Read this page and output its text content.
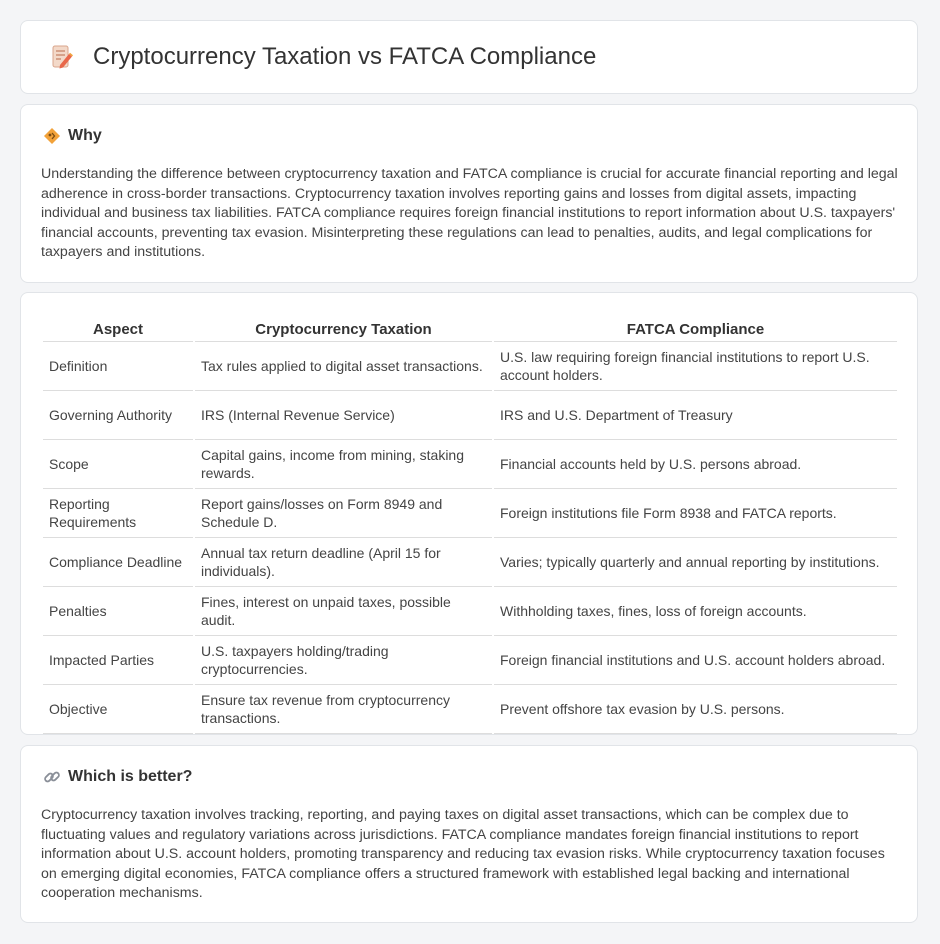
Cryptocurrency Taxation vs FATCA Compliance
Why

Understanding the difference between cryptocurrency taxation and FATCA compliance is crucial for accurate financial reporting and legal adherence in cross-border transactions. Cryptocurrency taxation involves reporting gains and losses from digital assets, impacting individual and business tax liabilities. FATCA compliance requires foreign financial institutions to report information about U.S. taxpayers' financial accounts, preventing tax evasion. Misinterpreting these regulations can lead to penalties, audits, and legal complications for taxpayers and institutions.

Aspect	Cryptocurrency Taxation	FATCA Compliance
Definition	Tax rules applied to digital asset transactions.	U.S. law requiring foreign financial institutions to report U.S. account holders.
Governing Authority	IRS (Internal Revenue Service)	IRS and U.S. Department of Treasury
Scope	Capital gains, income from mining, staking rewards.	Financial accounts held by U.S. persons abroad.
Reporting Requirements	Report gains/losses on Form 8949 and Schedule D.	Foreign institutions file Form 8938 and FATCA reports.
Compliance Deadline	Annual tax return deadline (April 15 for individuals).	Varies; typically quarterly and annual reporting by institutions.
Penalties	Fines, interest on unpaid taxes, possible audit.	Withholding taxes, fines, loss of foreign accounts.
Impacted Parties	U.S. taxpayers holding/trading cryptocurrencies.	Foreign financial institutions and U.S. account holders abroad.
Objective	Ensure tax revenue from cryptocurrency transactions.	Prevent offshore tax evasion by U.S. persons.
Which is better?

Cryptocurrency taxation involves tracking, reporting, and paying taxes on digital asset transactions, which can be complex due to fluctuating values and regulatory variations across jurisdictions. FATCA compliance mandates foreign financial institutions to report information about U.S. account holders, promoting transparency and reducing tax evasion risks. While cryptocurrency taxation focuses on emerging digital economies, FATCA compliance offers a structured framework with established legal backing and international cooperation mechanisms.
